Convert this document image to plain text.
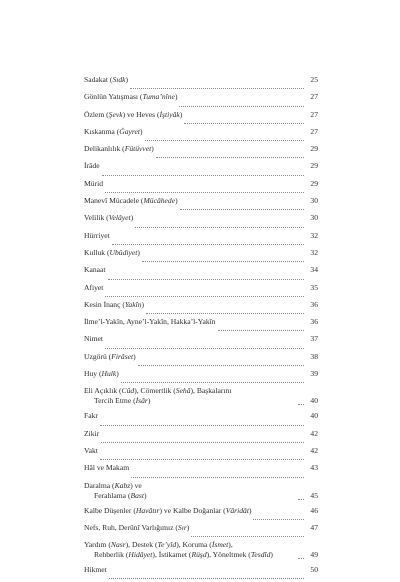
Sadakat (Sıdk)	25
Gönlün Yatışması (Tuma’nîne)	27
Özlem (Şevk) ve Heves (İştiyâk)	27
Kıskanma (Ğayret)	27
Delikanlılık (Fütüvvet)	29
İrâde	29
Mürid	29
Manevî Mücadele (Mücâhede)	30
Velilik (Velâyet)	30
Hürriyet	32
Kulluk (Ubûdiyet)	32
Kanaat	34
Afiyet	35
Kesin İnanç (Yakîn)	36
İlme’l-Yakîn, Ayne’l-Yakîn, Hakka’l-Yakîn	36
Nimet	37
Uzgörü (Firâset)	38
Huy (Hulk)	39
Eli Açıklık (Cûd), Cömertlik (Sehâ), Başkalarını
Tercih Etme (İsâr)	40
Fakr	40
Zikir	42
Vakt	42
Hâl ve Makam	43
Daralma (Kabz) ve
Ferahlama (Bast)	45
Kalbe Düşenler (Havâtır) ve Kalbe Doğanlar (Vâridât)	46
Nefs, Ruh, Derûnî Varlığımız (Sır)	47
Yardım (Nasr), Destek (Te’yîd), Koruma (İsmet),
Rehberlik (Hidâyet), İstikamet (Rüşd), Yöneltmek (Tesdîd)	49
Hikmet	50
